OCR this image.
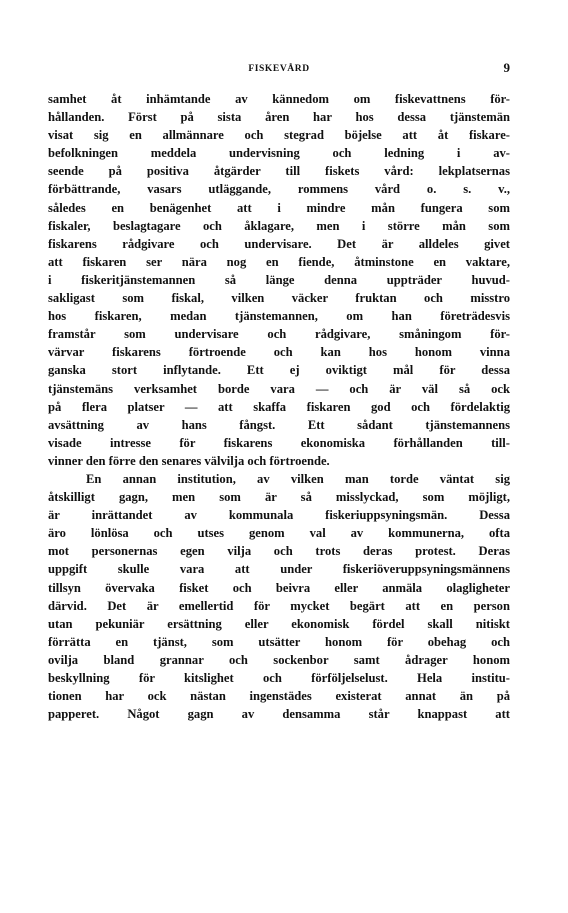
FISKEVÅRD	9
samhet åt inhämtande av kännedom om fiskevattnens för-
hållanden. Först på sista åren har hos dessa tjänstemän
visat sig en allmännare och stegrad böjelse att åt fiskare-
befolkningen meddela undervisning och ledning i av-
seende på positiva åtgärder till fiskets vård: lekplatsernas
förbättrande, vasars utläggande, rommens vård o. s. v.,
således en benägenhet att i mindre mån fungera som
fiskaler, beslagtagare och åklagare, men i större mån som
fiskarens rådgivare och undervisare. Det är alldeles givet
att fiskaren ser nära nog en fiende, åtminstone en vaktare,
i fiskeritjänstemannen så länge denna uppträder huvud-
sakligast som fiskal, vilken väcker fruktan och misstro
hos fiskaren, medan tjänstemannen, om han företrädesvis
framstår som undervisare och rådgivare, småningom för-
värvar fiskarens förtroende och kan hos honom vinna
ganska stort inflytande. Ett ej oviktigt mål för dessa
tjänstemäns verksamhet borde vara — och är väl så ock
på flera platser — att skaffa fiskaren god och fördelaktig
avsättning av hans fångst. Ett sådant tjänstemannens
visade intresse för fiskarens ekonomiska förhållanden till-
vinner den förre den senares välvilja och förtroende.
En annan institution, av vilken man torde väntat sig
åtskilligt gagn, men som är så misslyckad, som möjligt,
är inrättandet av kommunala fiskeriuppsyningsmän. Dessa
äro lönlösa och utses genom val av kommunerna, ofta
mot personernas egen vilja och trots deras protest. Deras
uppgift skulle vara att under fiskeriöveruppsyningsmännens
tillsyn övervaka fisket och beivra eller anmäla olagligheter
därvid. Det är emellertid för mycket begärt att en person
utan pekuniär ersättning eller ekonomisk fördel skall nitiskt
förrätta en tjänst, som utsätter honom för obehag och
ovilja bland grannar och sockenbor samt ådrager honom
beskyllning för kitslighet och förföljelselust. Hela institu-
tionen har ock nästan ingenstädes existerat annat än på
papperet. Något gagn av densamma står knappast att
